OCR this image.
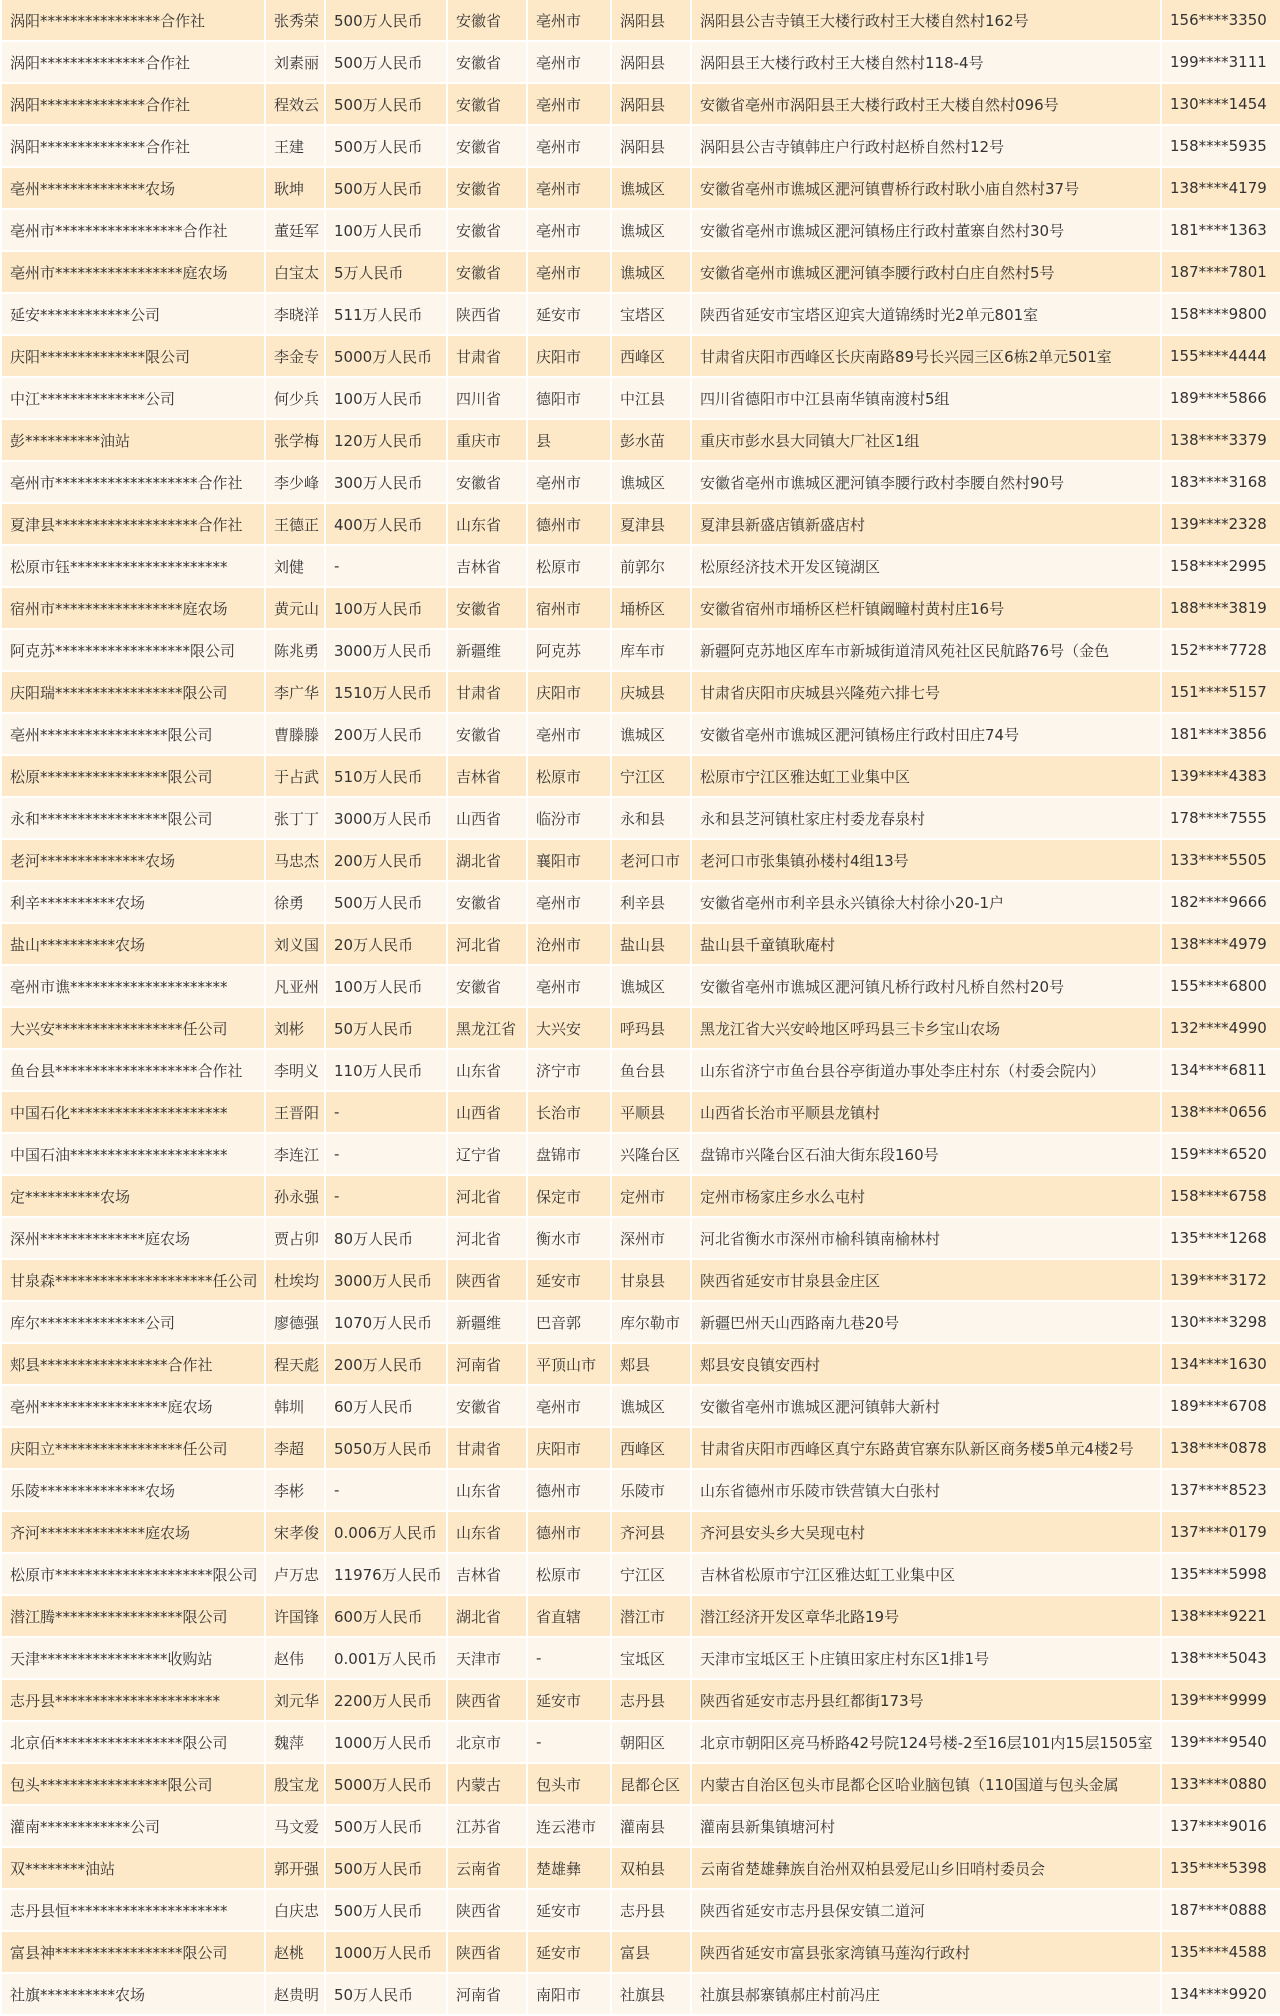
涡阳****************合作社	张秀荣	500万人民币	安徽省	亳州市	涡阳县	涡阳县公吉寺镇王大楼行政村王大楼自然村162号	156****3350
涡阳**************合作社	刘素丽	500万人民币	安徽省	亳州市	涡阳县	涡阳县王大楼行政村王大楼自然村118-4号	199****3111
涡阳**************合作社	程效云	500万人民币	安徽省	亳州市	涡阳县	安徽省亳州市涡阳县王大楼行政村王大楼自然村096号	130****1454
涡阳**************合作社	王建	500万人民币	安徽省	亳州市	涡阳县	涡阳县公吉寺镇韩庄户行政村赵桥自然村12号	158****5935
亳州**************农场	耿坤	500万人民币	安徽省	亳州市	谯城区	安徽省亳州市谯城区淝河镇曹桥行政村耿小庙自然村37号	138****4179
亳州市*****************合作社	董廷军	100万人民币	安徽省	亳州市	谯城区	安徽省亳州市谯城区淝河镇杨庄行政村董寨自然村30号	181****1363
亳州市*****************庭农场	白宝太	5万人民币	安徽省	亳州市	谯城区	安徽省亳州市谯城区淝河镇李腰行政村白庄自然村5号	187****7801
延安************公司	李晓洋	511万人民币	陕西省	延安市	宝塔区	陕西省延安市宝塔区迎宾大道锦绣时光2单元801室	158****9800
庆阳**************限公司	李金专	5000万人民币	甘肃省	庆阳市	西峰区	甘肃省庆阳市西峰区长庆南路89号长兴园三区6栋2单元501室	155****4444
中江**************公司	何少兵	100万人民币	四川省	德阳市	中江县	四川省德阳市中江县南华镇南渡村5组	189****5866
彭**********油站	张学梅	120万人民币	重庆市	县	彭水苗	重庆市彭水县大同镇大厂社区1组	138****3379
亳州市*******************合作社	李少峰	300万人民币	安徽省	亳州市	谯城区	安徽省亳州市谯城区淝河镇李腰行政村李腰自然村90号	183****3168
夏津县*******************合作社	王德正	400万人民币	山东省	德州市	夏津县	夏津县新盛店镇新盛店村	139****2328
松原市钰*********************	刘健	-	吉林省	松原市	前郭尔	松原经济技术开发区镜湖区	158****2995
宿州市*****************庭农场	黄元山	100万人民币	安徽省	宿州市	埇桥区	安徽省宿州市埇桥区栏杆镇阚疃村黄村庄16号	188****3819
阿克苏******************限公司	陈兆勇	3000万人民币	新疆维	阿克苏	库车市	新疆阿克苏地区库车市新城街道清风苑社区民航路76号（金色	152****7728
庆阳瑞*****************限公司	李广华	1510万人民币	甘肃省	庆阳市	庆城县	甘肃省庆阳市庆城县兴隆苑六排七号	151****5157
亳州*****************限公司	曹滕滕	200万人民币	安徽省	亳州市	谯城区	安徽省亳州市谯城区淝河镇杨庄行政村田庄74号	181****3856
松原*****************限公司	于占武	510万人民币	吉林省	松原市	宁江区	松原市宁江区雅达虹工业集中区	139****4383
永和*****************限公司	张丁丁	3000万人民币	山西省	临汾市	永和县	永和县芝河镇杜家庄村委龙春泉村	178****7555
老河**************农场	马忠杰	200万人民币	湖北省	襄阳市	老河口市	老河口市张集镇孙楼村4组13号	133****5505
利辛**********农场	徐勇	500万人民币	安徽省	亳州市	利辛县	安徽省亳州市利辛县永兴镇徐大村徐小20-1户	182****9666
盐山**********农场	刘义国	20万人民币	河北省	沧州市	盐山县	盐山县千童镇耿庵村	138****4979
亳州市谯*********************	凡亚州	100万人民币	安徽省	亳州市	谯城区	安徽省亳州市谯城区淝河镇凡桥行政村凡桥自然村20号	155****6800
大兴安*****************任公司	刘彬	50万人民币	黑龙江省	大兴安	呼玛县	黑龙江省大兴安岭地区呼玛县三卡乡宝山农场	132****4990
鱼台县*******************合作社	李明义	110万人民币	山东省	济宁市	鱼台县	山东省济宁市鱼台县谷亭街道办事处李庄村东（村委会院内）	134****6811
中国石化*********************	王晋阳	-	山西省	长治市	平顺县	山西省长治市平顺县龙镇村	138****0656
中国石油*********************	李连江	-	辽宁省	盘锦市	兴隆台区	盘锦市兴隆台区石油大街东段160号	159****6520
定**********农场	孙永强	-	河北省	保定市	定州市	定州市杨家庄乡水么屯村	158****6758
深州**************庭农场	贾占卯	80万人民币	河北省	衡水市	深州市	河北省衡水市深州市榆科镇南榆林村	135****1268
甘泉森*********************任公司	杜埃均	3000万人民币	陕西省	延安市	甘泉县	陕西省延安市甘泉县金庄区	139****3172
库尔**************公司	廖德强	1070万人民币	新疆维	巴音郭	库尔勒市	新疆巴州天山西路南九巷20号	130****3298
郏县*****************合作社	程天彪	200万人民币	河南省	平顶山市	郏县	郏县安良镇安西村	134****1630
亳州*****************庭农场	韩圳	60万人民币	安徽省	亳州市	谯城区	安徽省亳州市谯城区淝河镇韩大新村	189****6708
庆阳立*****************任公司	李超	5050万人民币	甘肃省	庆阳市	西峰区	甘肃省庆阳市西峰区真宁东路黄官寨东队新区商务楼5单元4楼2号	138****0878
乐陵**************农场	李彬	-	山东省	德州市	乐陵市	山东省德州市乐陵市铁营镇大白张村	137****8523
齐河**************庭农场	宋孝俊	0.006万人民币	山东省	德州市	齐河县	齐河县安头乡大吴现屯村	137****0179
松原市*********************限公司	卢万忠	11976万人民币	吉林省	松原市	宁江区	吉林省松原市宁江区雅达虹工业集中区	135****5998
潜江腾*****************限公司	许国锋	600万人民币	湖北省	省直辖	潜江市	潜江经济开发区章华北路19号	138****9221
天津*****************收购站	赵伟	0.001万人民币	天津市	-	宝坻区	天津市宝坻区王卜庄镇田家庄村东区1排1号	138****5043
志丹县**********************	刘元华	2200万人民币	陕西省	延安市	志丹县	陕西省延安市志丹县红都街173号	139****9999
北京佰*****************限公司	魏萍	1000万人民币	北京市	-	朝阳区	北京市朝阳区亮马桥路42号院124号楼-2至16层101内15层1505室	139****9540
包头*****************限公司	殷宝龙	5000万人民币	内蒙古	包头市	昆都仑区	内蒙古自治区包头市昆都仑区哈业脑包镇（110国道与包头金属	133****0880
灌南************公司	马文爱	500万人民币	江苏省	连云港市	灌南县	灌南县新集镇塘河村	137****9016
双********油站	郭开强	500万人民币	云南省	楚雄彝	双柏县	云南省楚雄彝族自治州双柏县爱尼山乡旧哨村委员会	135****5398
志丹县恒*********************	白庆忠	500万人民币	陕西省	延安市	志丹县	陕西省延安市志丹县保安镇二道河	187****0888
富县神*****************限公司	赵桃	1000万人民币	陕西省	延安市	富县	陕西省延安市富县张家湾镇马莲沟行政村	135****4588
社旗**********农场	赵贵明	50万人民币	河南省	南阳市	社旗县	社旗县郝寨镇郝庄村前冯庄	134****9920
